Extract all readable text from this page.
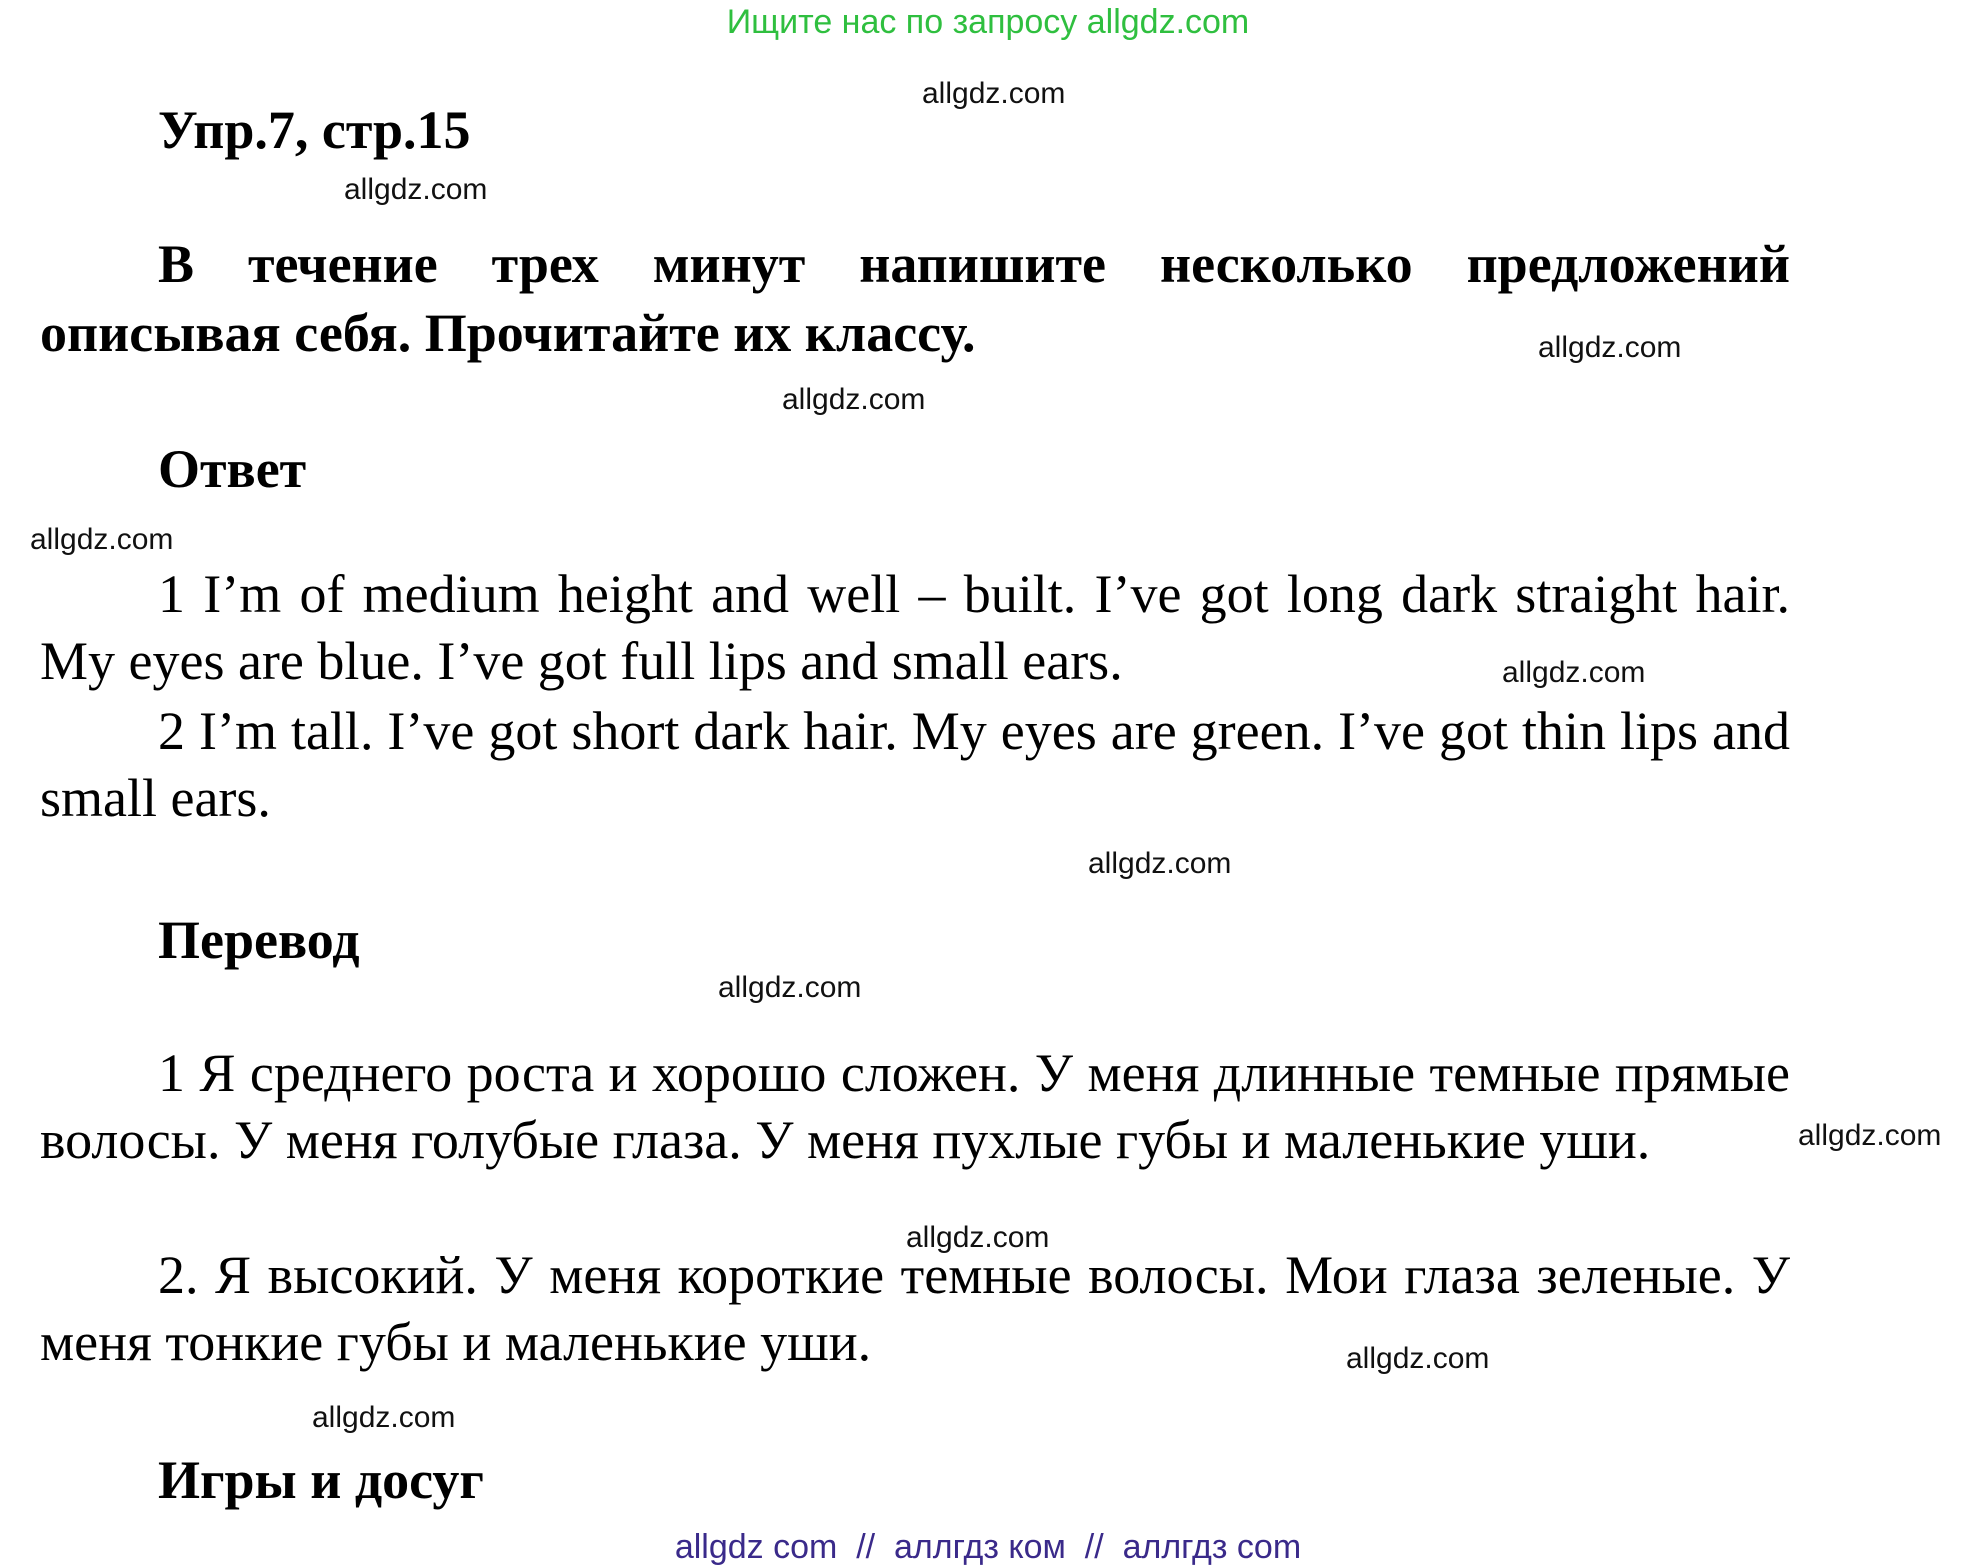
Ищите нас по запросу allgdz.com
Упр.7, стр.15

В течение трех минут напишите несколько предложений описывая себя. Прочитайте их классу.

Ответ

1 I’m of medium height and well – built. I’ve got long dark straight hair. My eyes are blue. I’ve got full lips and small ears.

2 I’m tall. I’ve got short dark hair. My eyes are green. I’ve got thin lips and small ears.

Перевод

1 Я среднего роста и хорошо сложен. У меня длинные темные прямые волосы. У меня голубые глаза. У меня пухлые губы и маленькие уши.

2. Я высокий. У меня короткие темные волосы. Мои глаза зеленые. У меня тонкие губы и маленькие уши.

Игры и досуг
allgdz.com
allgdz.com
allgdz.com
allgdz.com
allgdz.com
allgdz.com
allgdz.com
allgdz.com
allgdz.com
allgdz.com
allgdz.com
allgdz.com
allgdz com  //  аллгдз ком  //  аллгдз com
